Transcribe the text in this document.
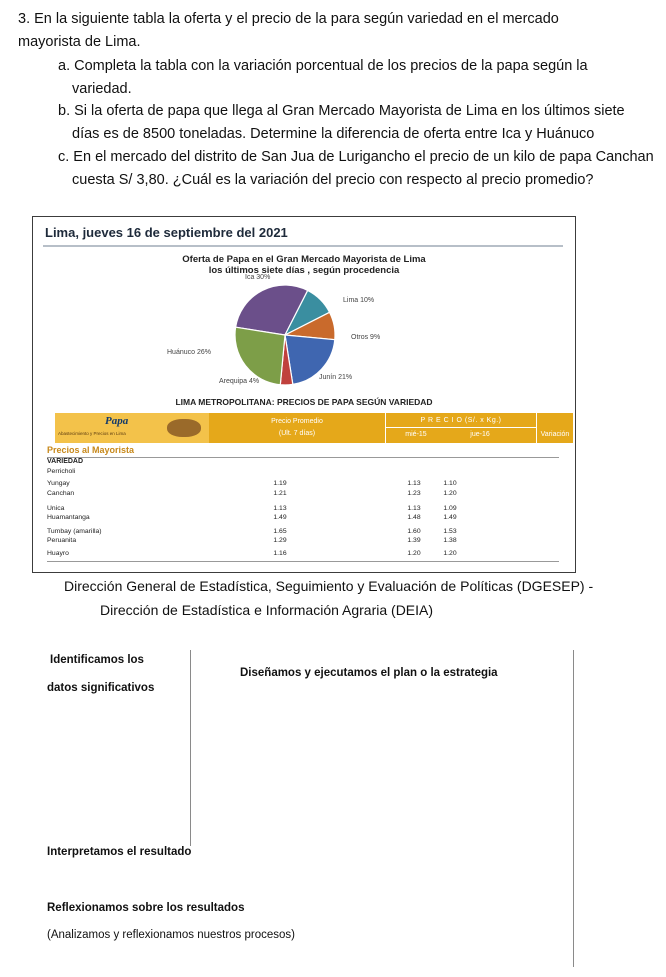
3. En la siguiente tabla la oferta y el precio de la para según variedad en el mercado
mayorista de Lima.
a. Completa la tabla con la variación porcentual de los precios de la papa según la
variedad.
b. Si la oferta de papa que llega al Gran Mercado Mayorista de Lima en los últimos siete
días es de 8500 toneladas. Determine la diferencia de oferta entre Ica y Huánuco
c. En el mercado del distrito de San Jua de Lurigancho el precio de un kilo de papa Canchan
cuesta S/ 3,80. ¿Cuál es la variación del precio con respecto al precio promedio?
Lima, jueves 16 de septiembre del 2021
Oferta de Papa en el Gran Mercado Mayorista de Lima
los últimos siete días , según procedencia
Ica 30%
Lima 10%
Otros 9%
Junín 21%
Arequipa 4%
Huánuco 26%
LIMA METROPOLITANA: PRECIOS DE PAPA SEGÚN VARIEDAD
Papa
Abastecimiento y Precios en Lima
Precio Promedio
(Ult. 7 días)
P R E C I O (S/. x Kg.)
mié-15	jue-16	Variación
Precios al Mayorista
VARIEDAD
Perricholi
Yungay	1.19	1.13	1.10
Canchan	1.21	1.23	1.20
Unica	1.13	1.13	1.09
Huamantanga	1.49	1.48	1.49
Tumbay (amarilla)	1.65	1.60	1.53
Peruanita	1.29	1.39	1.38
Huayro	1.16	1.20	1.20
Dirección General de Estadística, Seguimiento y Evaluación de Políticas (DGESEP) -
Dirección de Estadística e Información Agraria (DEIA)
Identificamos los
datos significativos
Diseñamos y ejecutamos el plan o la estrategia
Interpretamos el resultado
Reflexionamos sobre los resultados
(Analizamos y reflexionamos nuestros procesos)
